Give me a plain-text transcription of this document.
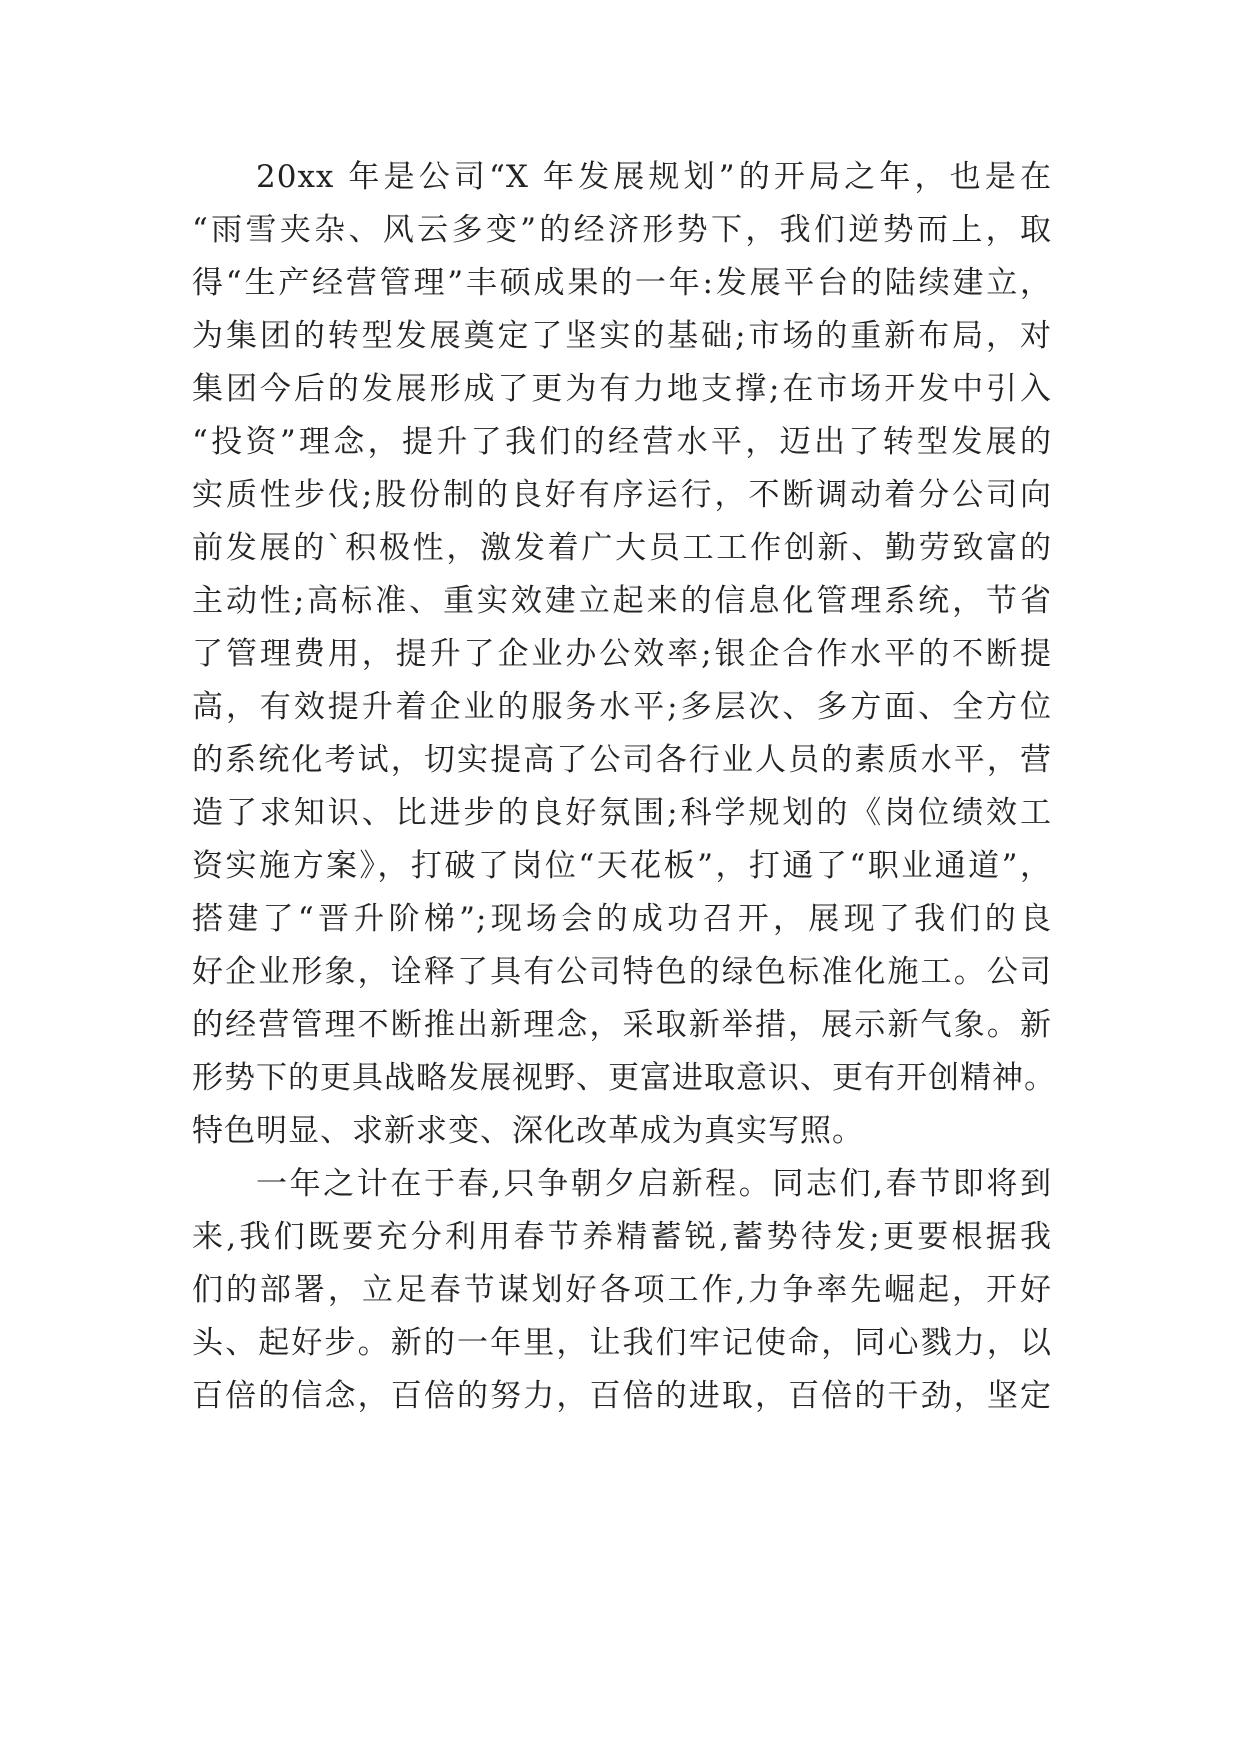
20xx 年是公司“X 年发展规划”的开局之年，也是在
“雨雪夹杂、风云多变”的经济形势下，我们逆势而上，取
得“生产经营管理”丰硕成果的一年:发展平台的陆续建立，
为集团的转型发展奠定了坚实的基础;市场的重新布局，对
集团今后的发展形成了更为有力地支撑;在市场开发中引入
“投资”理念，提升了我们的经营水平，迈出了转型发展的
实质性步伐;股份制的良好有序运行，不断调动着分公司向
前发展的`积极性，激发着广大员工工作创新、勤劳致富的
主动性;高标准、重实效建立起来的信息化管理系统，节省
了管理费用，提升了企业办公效率;银企合作水平的不断提
高，有效提升着企业的服务水平;多层次、多方面、全方位
的系统化考试，切实提高了公司各行业人员的素质水平，营
造了求知识、比进步的良好氛围;科学规划的《岗位绩效工
资实施方案》，打破了岗位“天花板”，打通了“职业通道”，
搭建了“晋升阶梯”;现场会的成功召开，展现了我们的良
好企业形象，诠释了具有公司特色的绿色标准化施工。公司
的经营管理不断推出新理念，采取新举措，展示新气象。新
形势下的更具战略发展视野、更富进取意识、更有开创精神。
特色明显、求新求变、深化改革成为真实写照。
一年之计在于春,只争朝夕启新程。同志们,春节即将到
来,我们既要充分利用春节养精蓄锐,蓄势待发;更要根据我
们的部署，立足春节谋划好各项工作,力争率先崛起，开好
头、起好步。新的一年里，让我们牢记使命，同心戮力，以
百倍的信念，百倍的努力，百倍的进取，百倍的干劲，坚定
